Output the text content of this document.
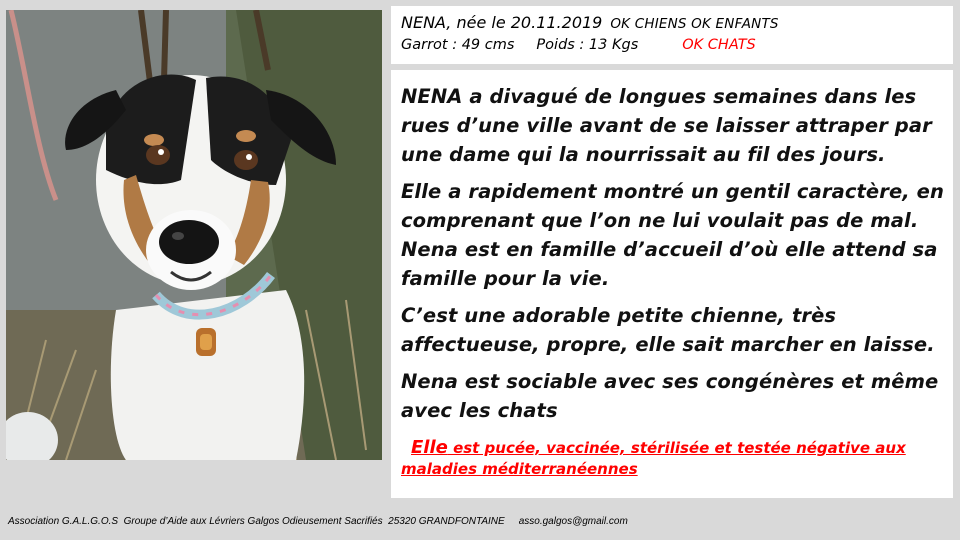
NENA, née le 20.11.2019 OK CHIENS OK ENFANTS
Garrot : 49 cms Poids : 13 Kgs	OK CHATS

NENA a divagué de longues semaines dans les rues d’une ville avant de se laisser attraper par une dame qui la nourrissait au fil des jours.

Elle a rapidement montré un gentil caractère, en comprenant que l’on ne lui voulait pas de mal. Nena est en famille d’accueil d’où elle attend sa famille pour la vie.

C’est une adorable petite chienne, très affectueuse, propre, elle sait marcher en laisse.

Nena est sociable avec ses congénères et même avec les chats

Elle est pucée, vaccinée, stérilisée et testée négative aux maladies méditerranéennes
Association G.A.L.G.O.S  Groupe d’Aide aux Lévriers Galgos Odieusement Sacrifiés  25320 GRANDFONTAINE asso.galgos@gmail.com
